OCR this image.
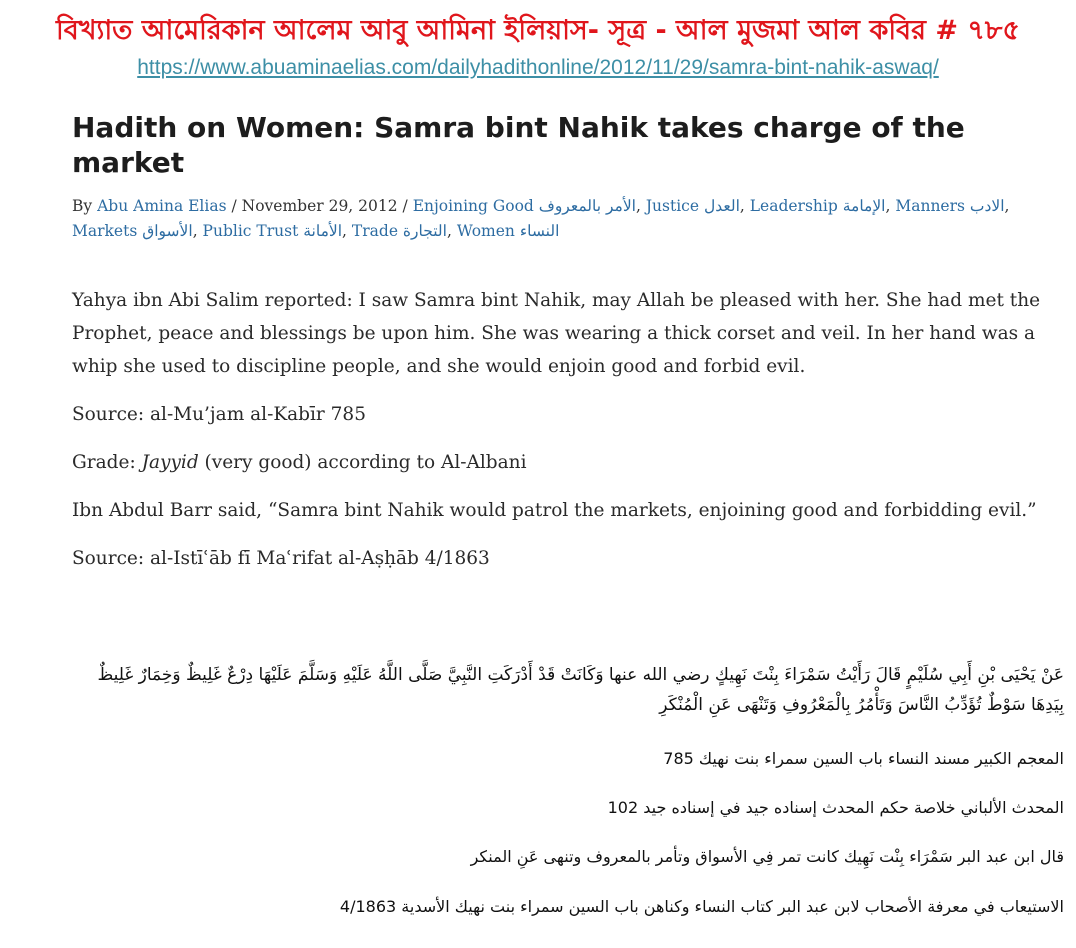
বিখ্যাত আমেরিকান আলেম আবু আমিনা ইলিয়াস- সূত্র - আল মুজমা আল কবির # ৭৮৫
https://www.abuaminaelias.com/dailyhadithonline/2012/11/29/samra-bint-nahik-aswaq/
Hadith on Women: Samra bint Nahik takes charge of the market
By Abu Amina Elias / November 29, 2012 / Enjoining Good الأمر بالمعروف, Justice العدل, Leadership الإمامة, Manners الادب, Markets الأسواق, Public Trust الأمانة, Trade التجارة, Women النساء

Yahya ibn Abi Salim reported: I saw Samra bint Nahik, may Allah be pleased with her. She had met the Prophet, peace and blessings be upon him. She was wearing a thick corset and veil. In her hand was a whip she used to discipline people, and she would enjoin good and forbid evil.

Source: al-Mu’jam al-Kabīr 785

Grade: Jayyid (very good) according to Al-Albani

Ibn Abdul Barr said, “Samra bint Nahik would patrol the markets, enjoining good and forbidding evil.”

Source: al-Istīʿāb fī Maʿrifat al-Aṣḥāb 4/1863

عَنْ يَحْيَى بْنِ أَبِي سُلَيْمٍ قَالَ رَأَيْتُ سَمْرَاءَ بِنْتَ نَهِيكٍ رضي الله عنها وَكَانَتْ قَدْ أَدْرَكَتِ النَّبِيَّ صَلَّى اللَّهُ عَلَيْهِ وَسَلَّمَ عَلَيْهَا دِرْعٌ غَلِيظٌ وَخِمَارٌ غَلِيظٌ بِيَدِهَا سَوْطٌ تُؤَدِّبُ النَّاسَ وَتَأْمُرُ بِالْمَعْرُوفِ وَتَنْهَى عَنِ الْمُنْكَرِ
المعجم الكبير مسند النساء باب السين سمراء بنت نهيك 785
المحدث الألباني خلاصة حكم المحدث إسناده جيد في إسناده جيد 102
قال ابن عبد البر سَمْرَاء بِنْت نَهِيك كانت تمر فِي الأسواق وتأمر بالمعروف وتنهى عَنِ المنكر
الاستيعاب في معرفة الأصحاب لابن عبد البر كتاب النساء وكناهن باب السين سمراء بنت نهيك الأسدية 4/1863
